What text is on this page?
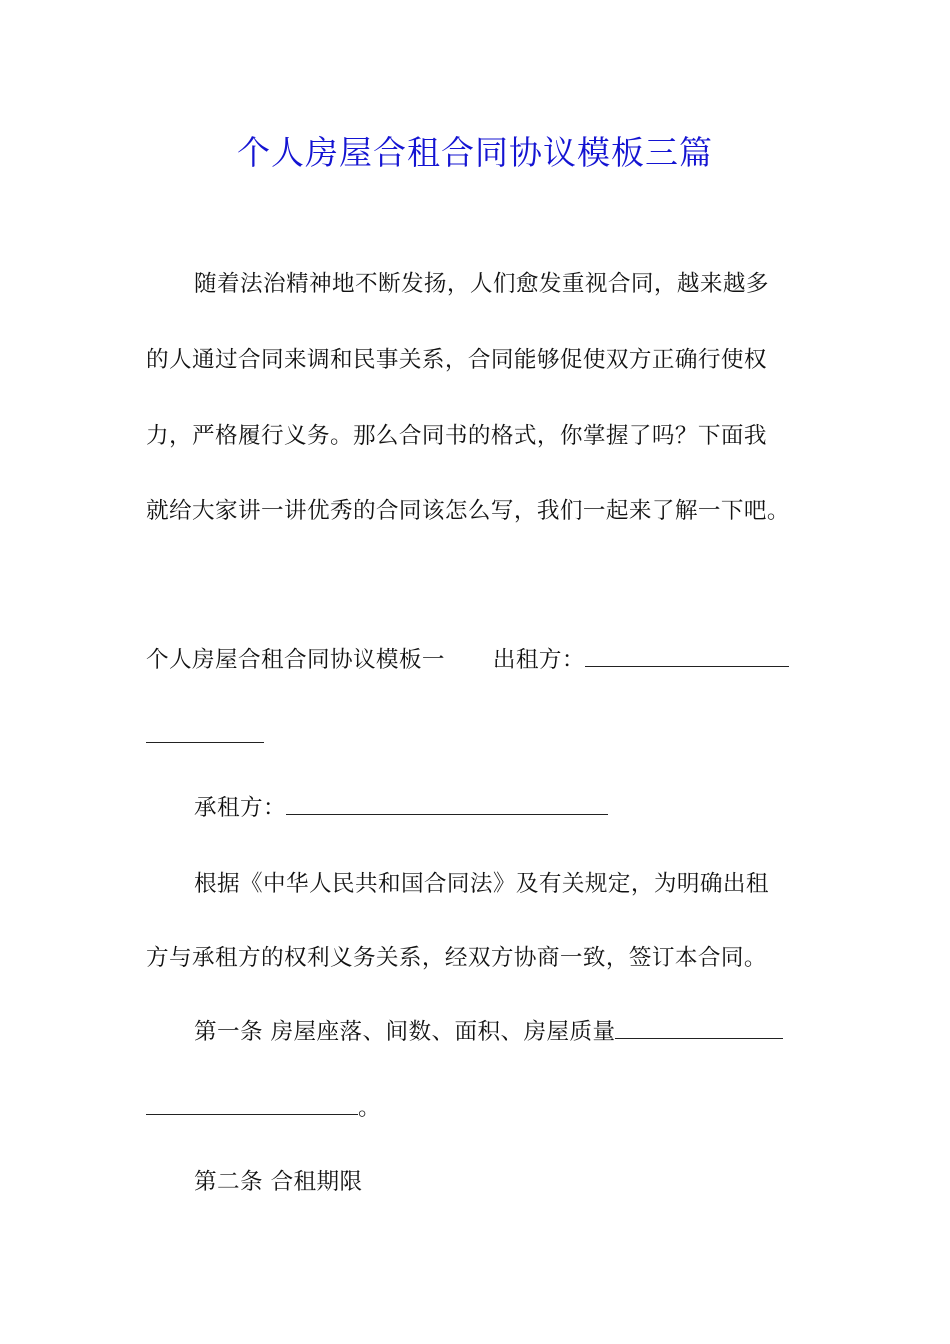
个人房屋合租合同协议模板三篇
随着法治精神地不断发扬，人们愈发重视合同，越来越多
的人通过合同来调和民事关系，合同能够促使双方正确行使权
力，严格履行义务。那么合同书的格式，你掌握了吗？下面我
就给大家讲一讲优秀的合同该怎么写，我们一起来了解一下吧。
个人房屋合租合同协议模板一 出租方：
承租方：
根据《中华人民共和国合同法》及有关规定，为明确出租
方与承租方的权利义务关系，经双方协商一致，签订本合同。
第一条 房屋座落、间数、面积、房屋质量
。
第二条 合租期限
